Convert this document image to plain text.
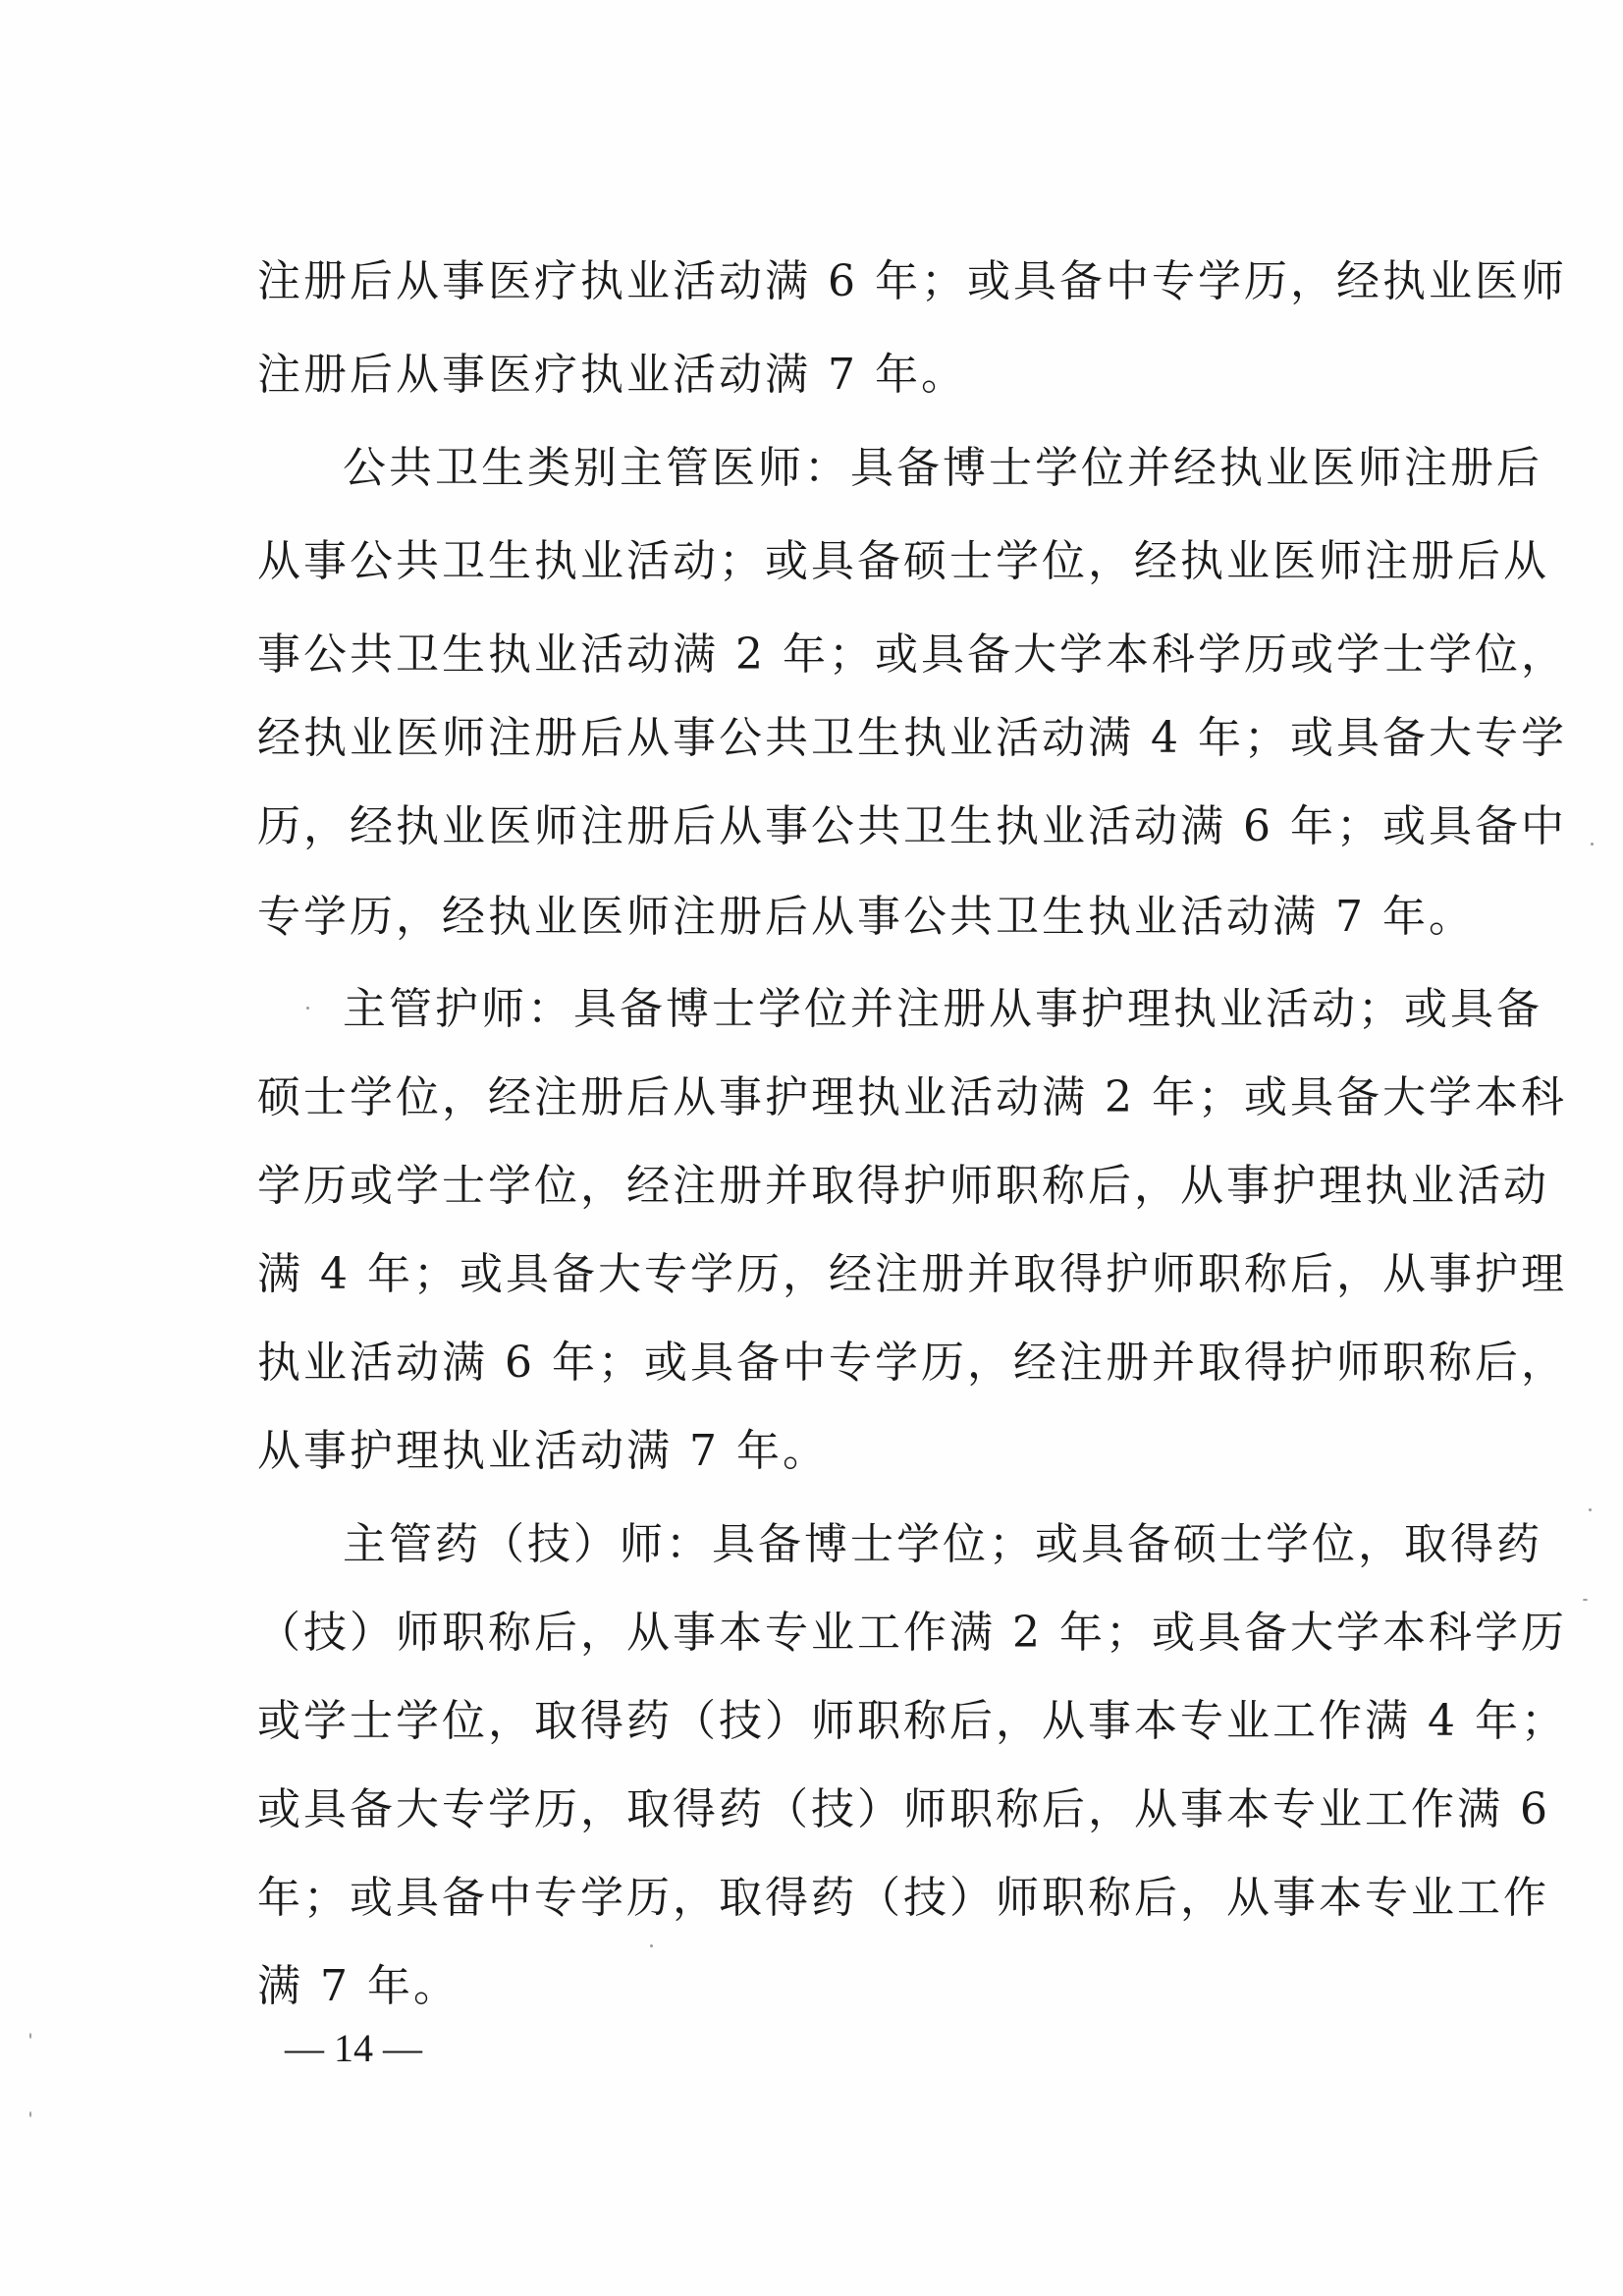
注册后从事医疗执业活动满 6 年；或具备中专学历，经执业医师
注册后从事医疗执业活动满 7 年。
公共卫生类别主管医师：具备博士学位并经执业医师注册后
从事公共卫生执业活动；或具备硕士学位，经执业医师注册后从
事公共卫生执业活动满 2 年；或具备大学本科学历或学士学位，
经执业医师注册后从事公共卫生执业活动满 4 年；或具备大专学
历，经执业医师注册后从事公共卫生执业活动满 6 年；或具备中
专学历，经执业医师注册后从事公共卫生执业活动满 7 年。
主管护师：具备博士学位并注册从事护理执业活动；或具备
硕士学位，经注册后从事护理执业活动满 2 年；或具备大学本科
学历或学士学位，经注册并取得护师职称后，从事护理执业活动
满 4 年；或具备大专学历，经注册并取得护师职称后，从事护理
执业活动满 6 年；或具备中专学历，经注册并取得护师职称后，
从事护理执业活动满 7 年。
主管药（技）师：具备博士学位；或具备硕士学位，取得药
（技）师职称后，从事本专业工作满 2 年；或具备大学本科学历
或学士学位，取得药（技）师职称后，从事本专业工作满 4 年；
或具备大专学历，取得药（技）师职称后，从事本专业工作满 6
年；或具备中专学历，取得药（技）师职称后，从事本专业工作
满 7 年。
— 14 —
